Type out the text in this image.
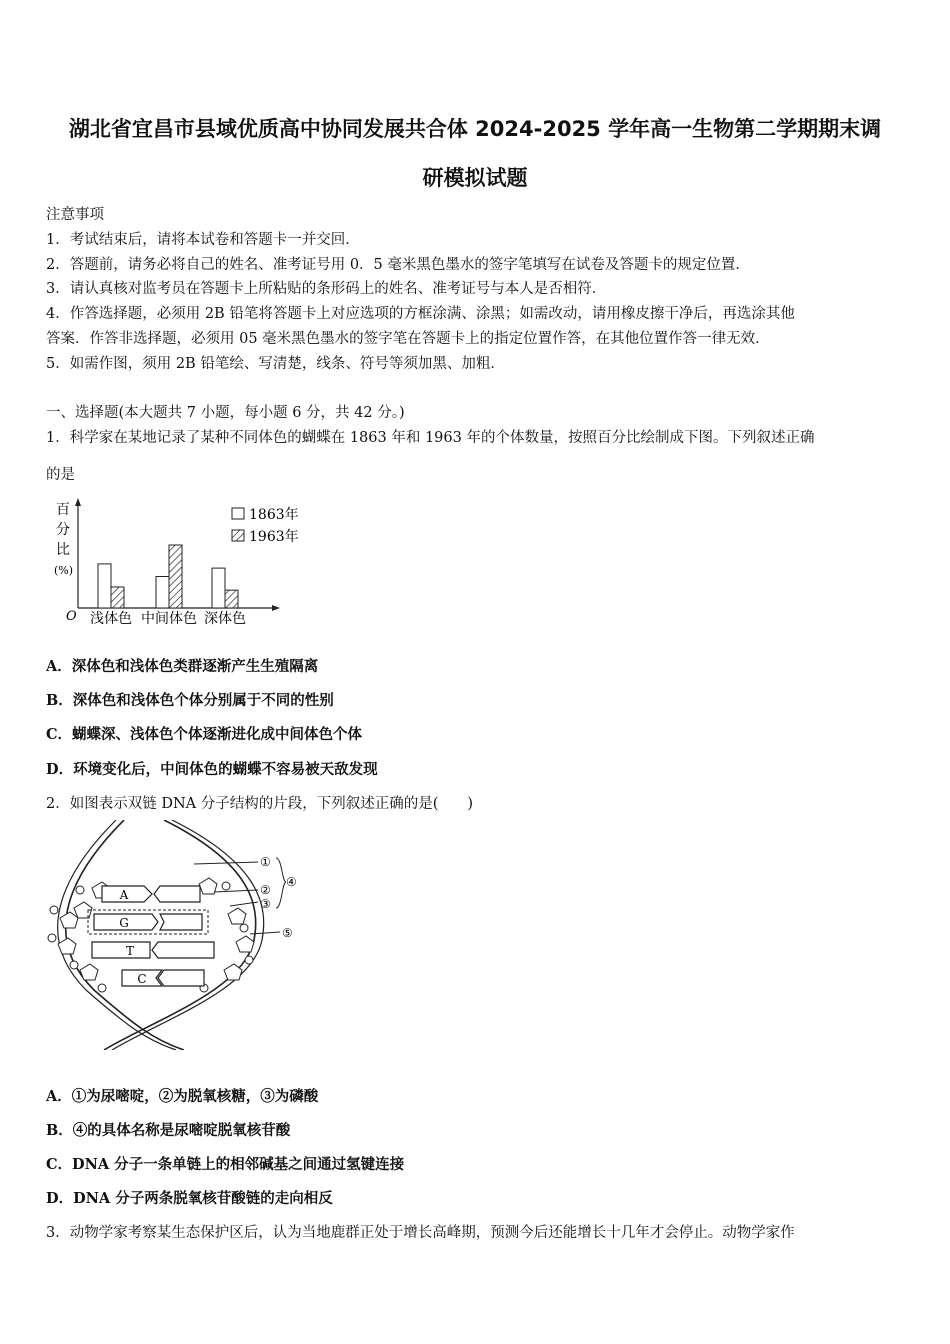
湖北省宜昌市县域优质高中协同发展共合体 2024-2025 学年高一生物第二学期期末调
研模拟试题
注意事项
1．考试结束后，请将本试卷和答题卡一并交回．
2．答题前，请务必将自己的姓名、准考证号用 0．5 毫米黑色墨水的签字笔填写在试卷及答题卡的规定位置．
3．请认真核对监考员在答题卡上所粘贴的条形码上的姓名、准考证号与本人是否相符．
4．作答选择题，必须用 2B 铅笔将答题卡上对应选项的方框涂满、涂黑；如需改动，请用橡皮擦干净后，再选涂其他
答案．作答非选择题，必须用 05 毫米黑色墨水的签字笔在答题卡上的指定位置作答，在其他位置作答一律无效．
5．如需作图，须用 2B 铅笔绘、写清楚，线条、符号等须加黑、加粗．
一、选择题(本大题共 7 小题，每小题 6 分，共 42 分。)
1．科学家在某地记录了某种不同体色的蝴蝶在 1863 年和 1963 年的个体数量，按照百分比绘制成下图。下列叙述正确
的是
百
分
比
(%)
O 浅体色 中间体色 深体色
1863年
1963年
A．深体色和浅体色类群逐渐产生生殖隔离
B．深体色和浅体色个体分别属于不同的性别
C．蝴蝶深、浅体色个体逐渐进化成中间体色个体
D．环境变化后，中间体色的蝴蝶不容易被天敌发现
2．如图表示双链 DNA 分子结构的片段，下列叙述正确的是(　　)
A
G
T
C
①
②
③
④
⑤
A．①为尿嘧啶，②为脱氧核糖，③为磷酸
B．④的具体名称是尿嘧啶脱氧核苷酸
C．DNA 分子一条单链上的相邻碱基之间通过氢键连接
D．DNA 分子两条脱氧核苷酸链的走向相反
3．动物学家考察某生态保护区后，认为当地鹿群正处于增长高峰期，预测今后还能增长十几年才会停止。动物学家作
